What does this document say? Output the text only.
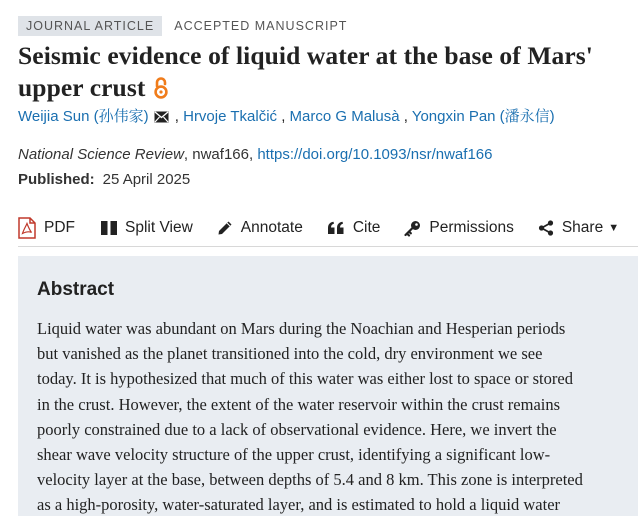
JOURNAL ARTICLE	ACCEPTED MANUSCRIPT
Seismic evidence of liquid water at the base of Mars' upper crust
Weijia Sun (孙伟家) , Hrvoje Tkalčić , Marco G Malusà , Yongxin Pan (潘永信)
National Science Review, nwaf166, https://doi.org/10.1093/nsr/nwaf166
Published: 25 April 2025
PDF	Split View	Annotate	Cite	Permissions	Share ▼
Abstract
Liquid water was abundant on Mars during the Noachian and Hesperian periods
but vanished as the planet transitioned into the cold, dry environment we see
today. It is hypothesized that much of this water was either lost to space or stored
in the crust. However, the extent of the water reservoir within the crust remains
poorly constrained due to a lack of observational evidence. Here, we invert the
shear wave velocity structure of the upper crust, identifying a significant low-
velocity layer at the base, between depths of 5.4 and 8 km. This zone is interpreted
as a high-porosity, water-saturated layer, and is estimated to hold a liquid water
